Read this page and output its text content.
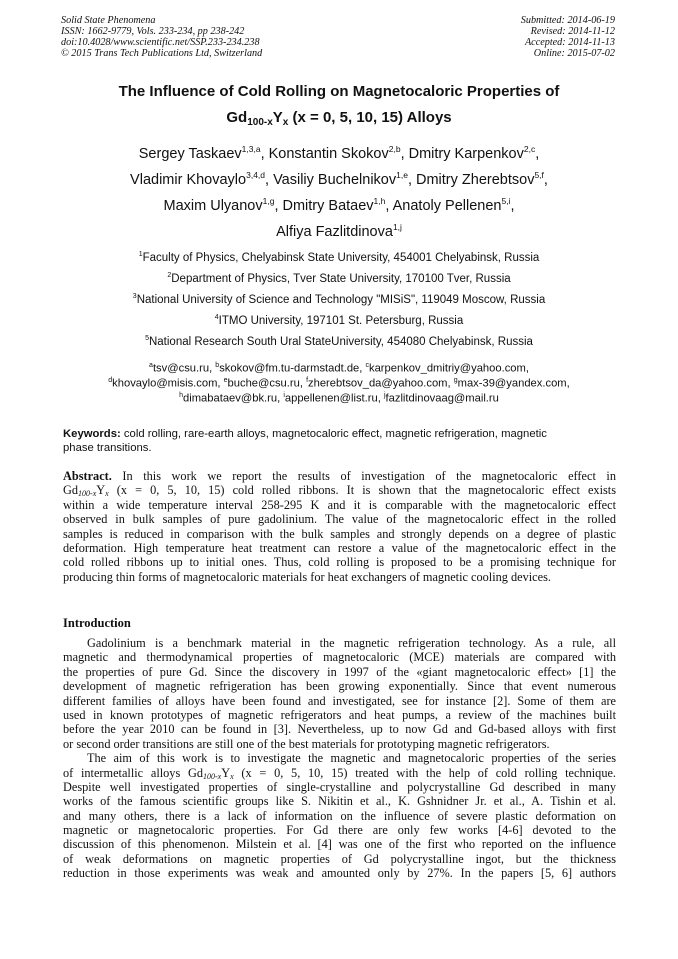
Solid State Phenomena
ISSN: 1662-9779, Vols. 233-234, pp 238-242
doi:10.4028/www.scientific.net/SSP.233-234.238
© 2015 Trans Tech Publications Ltd, Switzerland
Submitted: 2014-06-19
Revised: 2014-11-12
Accepted: 2014-11-13
Online: 2015-07-02
The Influence of Cold Rolling on Magnetocaloric Properties of
$Gd_{100-x}Y_x$ (x = 0, 5, 10, 15) Alloys
Sergey Taskaev$^{1,3,a}$, Konstantin Skokov$^{2,b}$, Dmitry Karpenkov$^{2,c}$,
Vladimir Khovaylo$^{3,4,d}$, Vasiliy Buchelnikov$^{1,e}$, Dmitry Zherebtsov$^{5,f}$,
Maxim Ulyanov$^{1,g}$, Dmitry Bataev$^{1,h}$, Anatoly Pellenen$^{5,i}$,
Alfiya Fazlitdinova$^{1,j}$
$^1$Faculty of Physics, Chelyabinsk State University, 454001 Chelyabinsk, Russia
$^2$Department of Physics, Tver State University, 170100 Tver, Russia
$^3$National University of Science and Technology "MISiS", 119049 Moscow, Russia
$^4$ITMO University, 197101 St. Petersburg, Russia
$^5$National Research South Ural StateUniversity, 454080 Chelyabinsk, Russia
$^a$tsv@csu.ru, $^b$skokov@fm.tu-darmstadt.de, $^c$karpenkov_dmitriy@yahoo.com,
$^d$khovaylo@misis.com, $^e$buche@csu.ru, $^f$zherebtsov_da@yahoo.com, $^g$max-39@yandex.com,
$^h$dimabataev@bk.ru, $^i$appellenen@list.ru, $^j$fazlitdinovaag@mail.ru
Keywords: cold rolling, rare-earth alloys, magnetocaloric effect, magnetic refrigeration, magnetic
phase transitions.
Abstract. In this work we report the results of investigation of the magnetocaloric effect in
Gd100-xYx (x = 0, 5, 10, 15) cold rolled ribbons. It is shown that the magnetocaloric effect exists
within a wide temperature interval 258-295 K and it is comparable with the magnetocaloric effect
observed in bulk samples of pure gadolinium. The value of the magnetocaloric effect in the rolled
samples is reduced in comparison with the bulk samples and strongly depends on a degree of plastic
deformation. High temperature heat treatment can restore a value of the magnetocaloric effect in the
cold rolled ribbons up to initial ones. Thus, cold rolling is proposed to be a promising technique for
producing thin forms of magnetocaloric materials for heat exchangers of magnetic cooling devices.
Introduction
Gadolinium is a benchmark material in the magnetic refrigeration technology. As a rule, all
magnetic and thermodynamical properties of magnetocaloric (MCE) materials are compared with
the properties of pure Gd. Since the discovery in 1997 of the «giant magnetocaloric effect» [1] the
development of magnetic refrigeration has been growing exponentially. Since that event numerous
different families of alloys have been found and investigated, see for instance [2]. Some of them are
used in known prototypes of magnetic refrigerators and heat pumps, a review of the machines built
before the year 2010 can be found in [3]. Nevertheless, up to now Gd and Gd-based alloys with first
or second order transitions are still one of the best materials for prototyping magnetic refrigerators.
The aim of this work is to investigate the magnetic and magnetocaloric properties of the series
of intermetallic alloys Gd100-xYx (x = 0, 5, 10, 15) treated with the help of cold rolling technique.
Despite well investigated properties of single-crystalline and polycrystalline Gd described in many
works of the famous scientific groups like S. Nikitin et al., K. Gshnidner Jr. et al., A. Tishin et al.
and many others, there is a lack of information on the influence of severe plastic deformation on
magnetic or magnetocaloric properties. For Gd there are only few works [4-6] devoted to the
discussion of this phenomenon. Milstein et al. [4] was one of the first who reported on the influence
of weak deformations on magnetic properties of Gd polycrystalline ingot, but the thickness
reduction in those experiments was weak and amounted only by 27%. In the papers [5, 6] authors
